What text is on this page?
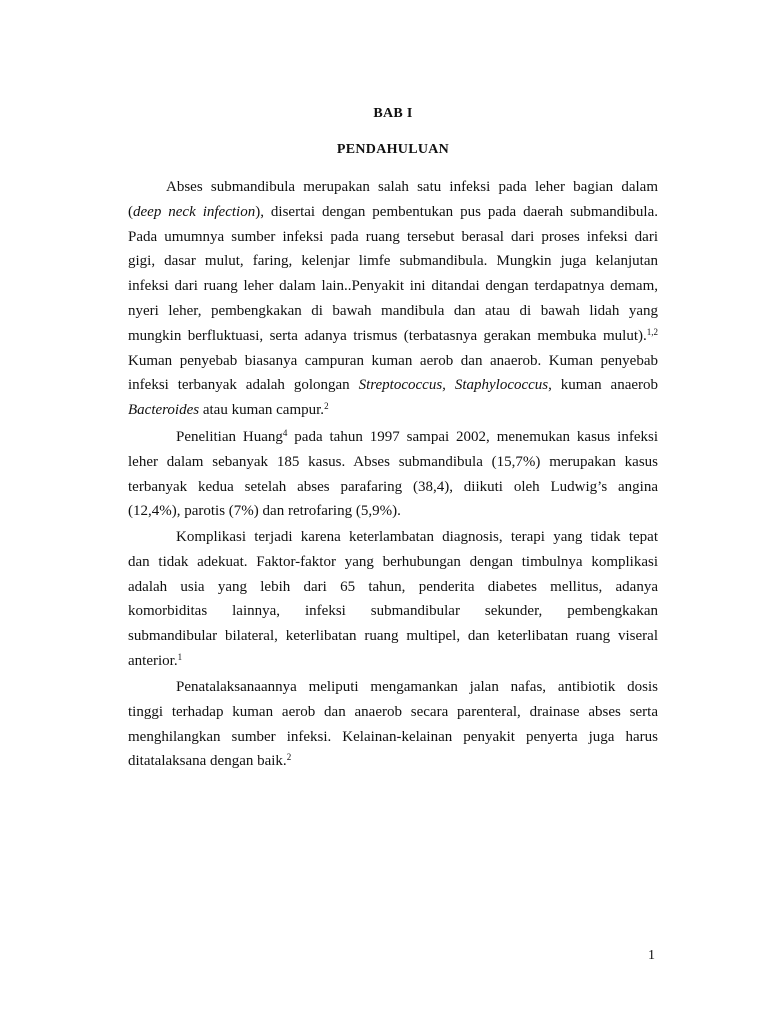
BAB I
PENDAHULUAN
Abses submandibula merupakan salah satu infeksi pada leher bagian dalam
(deep neck infection), disertai dengan pembentukan pus pada daerah submandibula.
Pada umumnya sumber infeksi pada ruang tersebut berasal dari proses infeksi dari
gigi, dasar mulut, faring, kelenjar limfe submandibula. Mungkin juga kelanjutan
infeksi dari ruang leher dalam lain..Penyakit ini ditandai dengan terdapatnya demam,
nyeri leher, pembengkakan di bawah mandibula dan atau di bawah lidah yang
mungkin berfluktuasi, serta adanya trismus (terbatasnya gerakan membuka mulut).$^{1,2}$
Kuman penyebab biasanya campuran kuman aerob dan anaerob. Kuman penyebab
infeksi terbanyak adalah golongan Streptococcus, Staphylococcus, kuman anaerob
Bacteroides atau kuman campur.$^2$
Penelitian Huang$^4$ pada tahun 1997 sampai 2002, menemukan kasus infeksi
leher dalam sebanyak 185 kasus. Abses submandibula (15,7%) merupakan kasus
terbanyak kedua setelah abses parafaring (38,4), diikuti oleh Ludwig’s angina
(12,4%), parotis (7%) dan retrofaring (5,9%).
Komplikasi terjadi karena keterlambatan diagnosis, terapi yang tidak tepat
dan tidak adekuat. Faktor-faktor yang berhubungan dengan timbulnya komplikasi
adalah usia yang lebih dari 65 tahun, penderita diabetes mellitus, adanya
komorbiditas lainnya, infeksi submandibular sekunder, pembengkakan
submandibular bilateral, keterlibatan ruang multipel, dan keterlibatan ruang viseral
anterior.$^1$
Penatalaksanaannya meliputi mengamankan jalan nafas, antibiotik dosis
tinggi terhadap kuman aerob dan anaerob secara parenteral, drainase abses serta
menghilangkan sumber infeksi. Kelainan-kelainan penyakit penyerta juga harus
ditatalaksana dengan baik.$^2$
1
